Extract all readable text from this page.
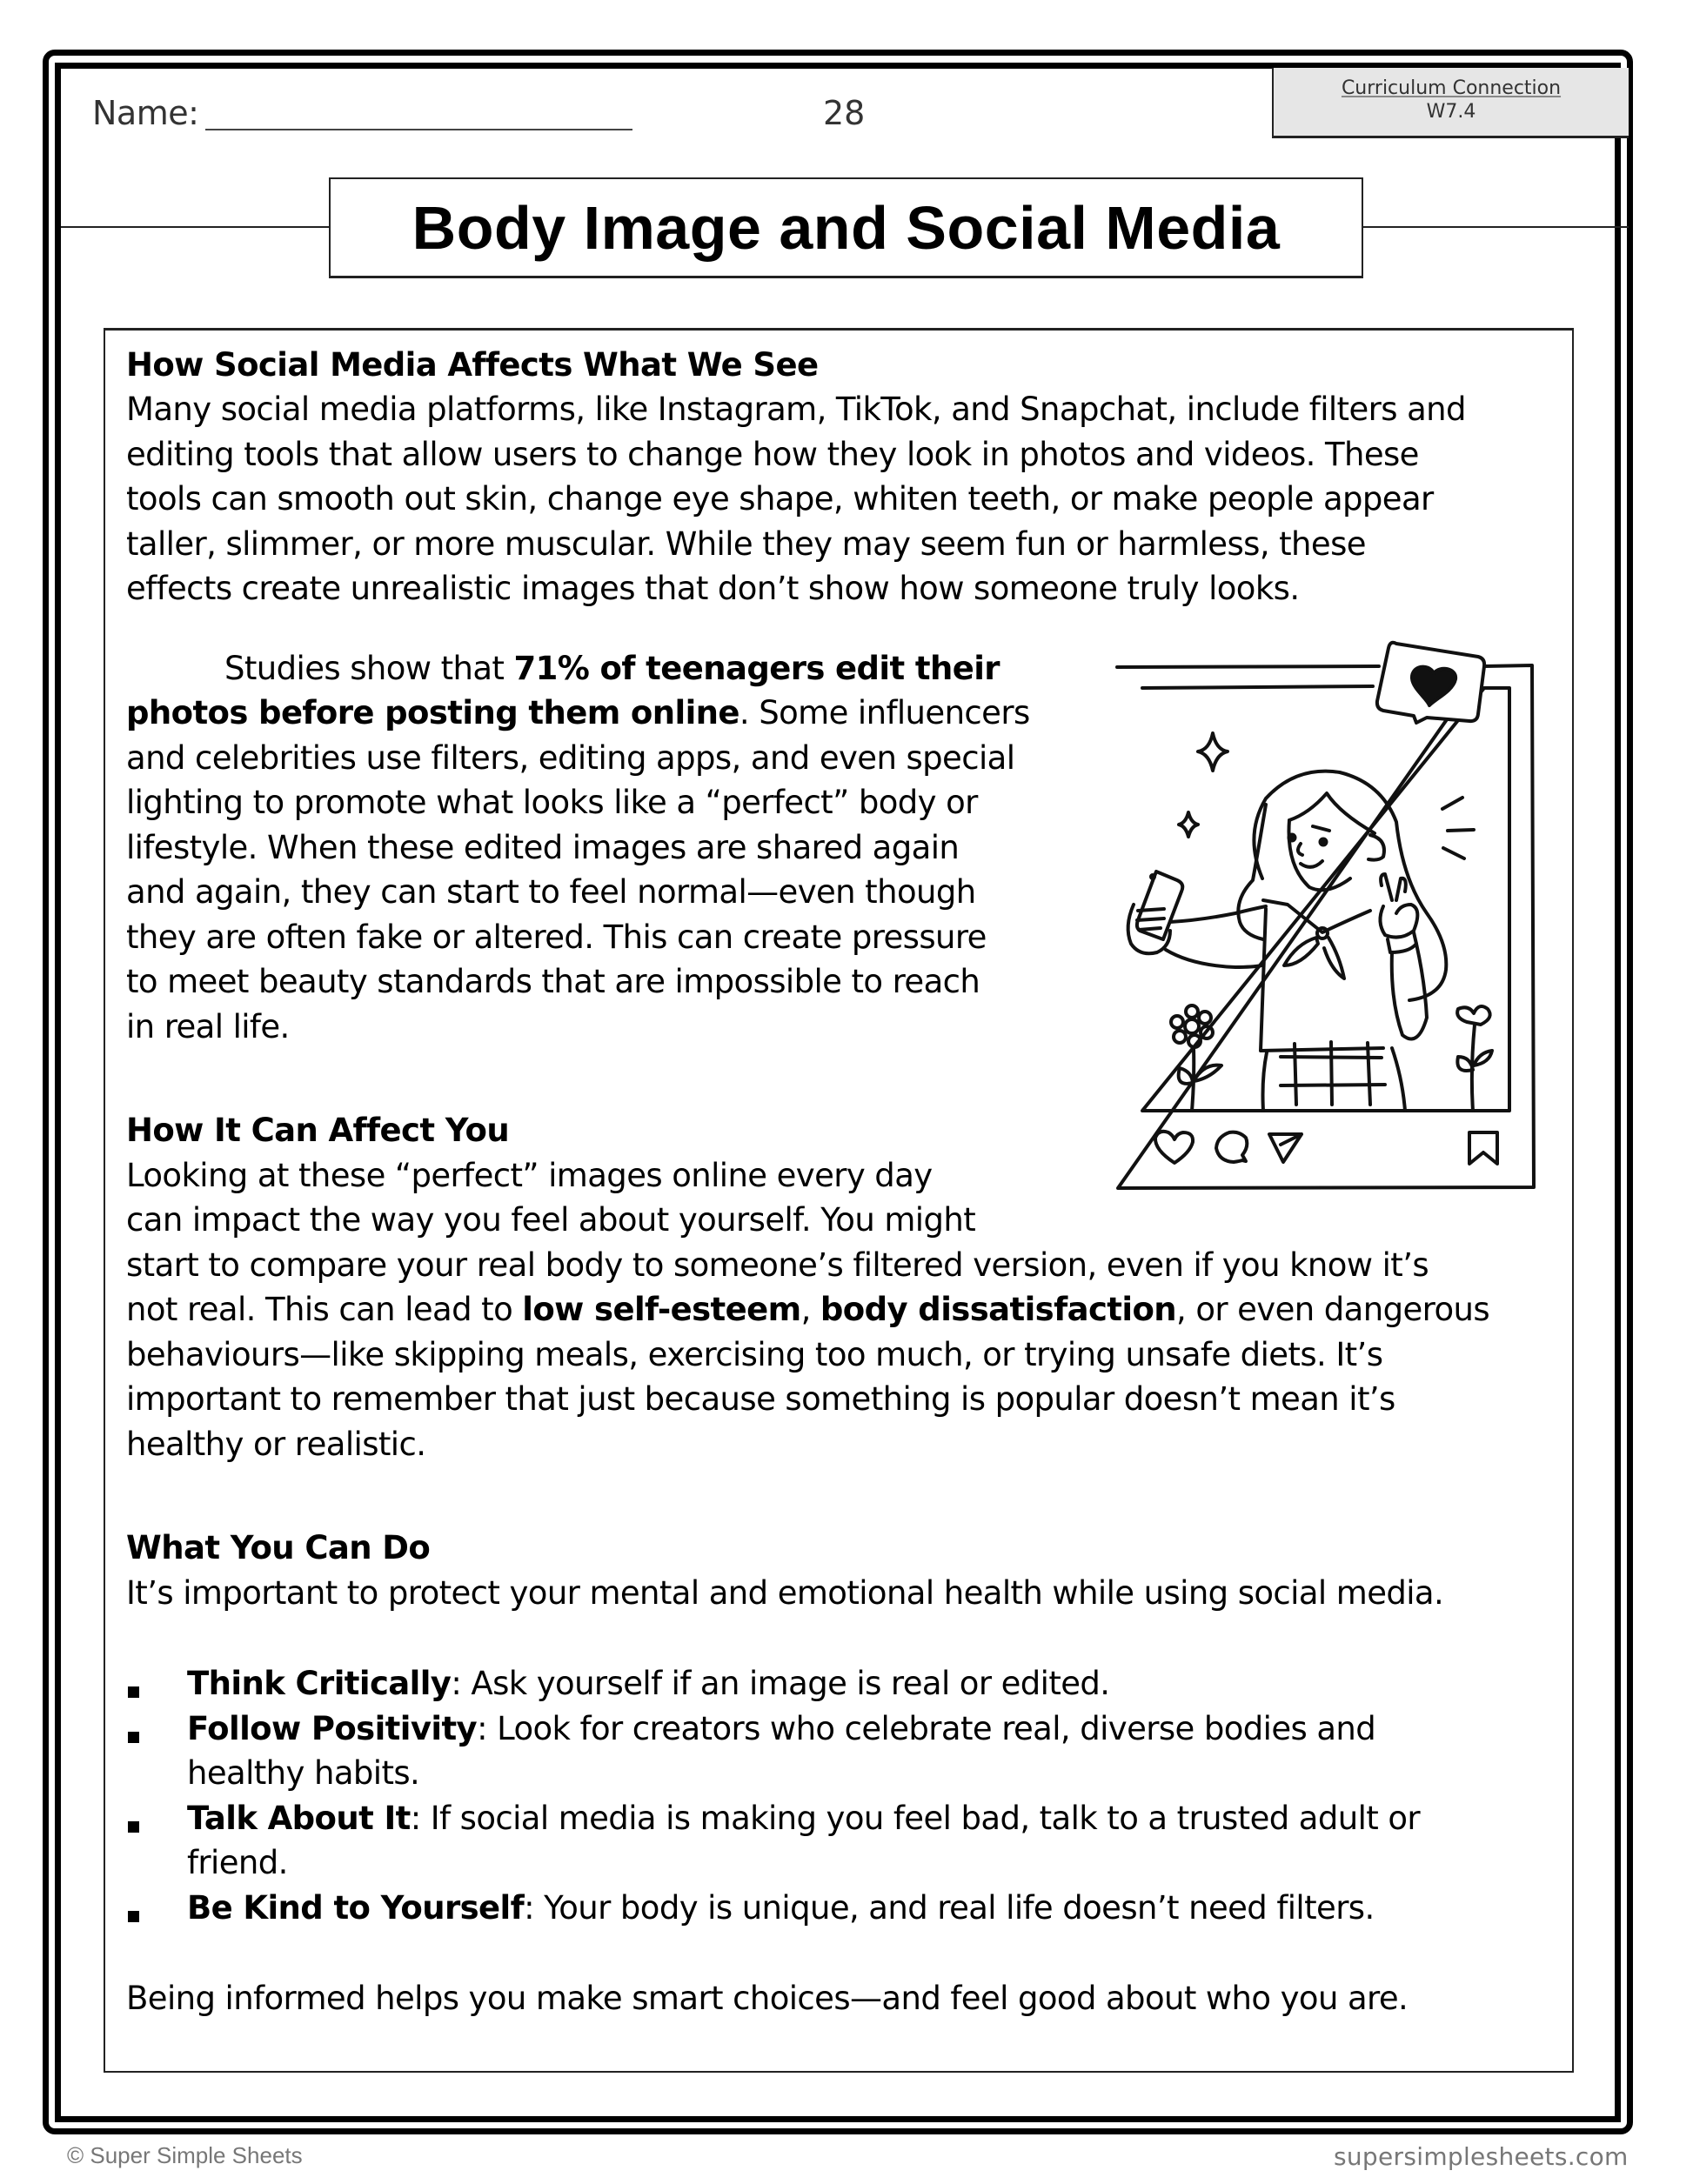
Name:	28
Curriculum Connection
W7.4
Body Image and Social Media
How Social Media Affects What We See
Many social media platforms, like Instagram, TikTok, and Snapchat, include filters and
editing tools that allow users to change how they look in photos and videos. These
tools can smooth out skin, change eye shape, whiten teeth, or make people appear
taller, slimmer, or more muscular. While they may seem fun or harmless, these
effects create unrealistic images that don’t show how someone truly looks.
Studies show that 71% of teenagers edit their
photos before posting them online. Some influencers
and celebrities use filters, editing apps, and even special
lighting to promote what looks like a “perfect” body or
lifestyle. When these edited images are shared again
and again, they can start to feel normal—even though
they are often fake or altered. This can create pressure
to meet beauty standards that are impossible to reach
in real life.
How It Can Affect You
Looking at these “perfect” images online every day
can impact the way you feel about yourself. You might
start to compare your real body to someone’s filtered version, even if you know it’s
not real. This can lead to low self-esteem, body dissatisfaction, or even dangerous
behaviours—like skipping meals, exercising too much, or trying unsafe diets. It’s
important to remember that just because something is popular doesn’t mean it’s
healthy or realistic.
What You Can Do
It’s important to protect your mental and emotional health while using social media.
Think Critically: Ask yourself if an image is real or edited.
Follow Positivity: Look for creators who celebrate real, diverse bodies and
healthy habits.
Talk About It: If social media is making you feel bad, talk to a trusted adult or
friend.
Be Kind to Yourself: Your body is unique, and real life doesn’t need filters.
Being informed helps you make smart choices—and feel good about who you are.
© Super Simple Sheets	supersimplesheets.com
